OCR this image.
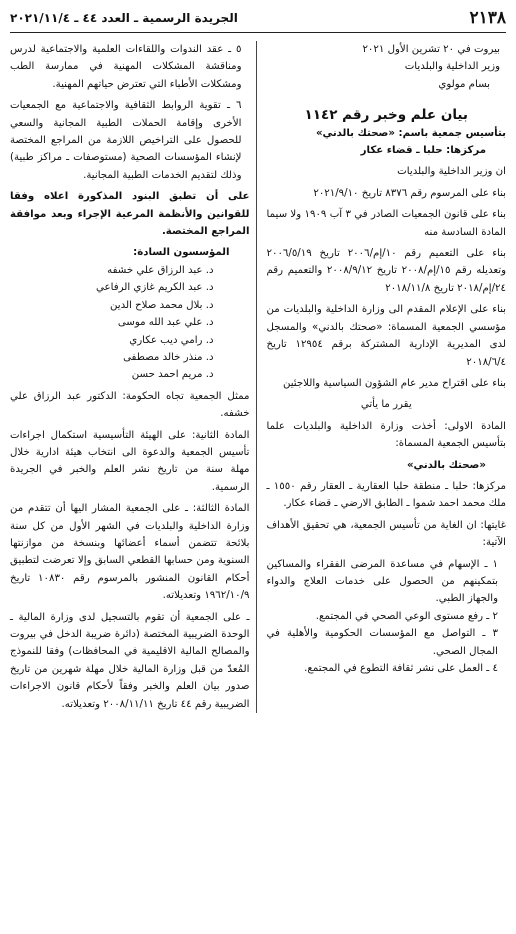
٢١٣٨
الجريدة الرسمية ـ العدد ٤٤ ـ ٢٠٢١/١١/٤

بيروت في ٢٠ تشرين الأول ٢٠٢١

وزير الداخلية والبلديات

بسام مولوي

بيان علم وخبر رقم ١١٤٢

بتأسيس جمعية باسم: «صحتك بالدني»

مركزها: حلبا ـ قضاء عكار

ان وزير الداخلية والبلديات

بناء على المرسوم رقم ٨٣٧٦ تاريخ ٢٠٢١/٩/١٠

بناء على قانون الجمعيات الصادر في ٣ آب ١٩٠٩ ولا سيما المادة السادسة منه

بناء على التعميم رقم ١٠/إم/٢٠٠٦ تاريخ ٢٠٠٦/٥/١٩ وتعديله رقم ١٥/إم/٢٠٠٨ تاريخ ٢٠٠٨/٩/١٢ والتعميم رقم ٢٤/إم/٢٠١٨ تاريخ ٢٠١٨/١١/٨

بناء على الإعلام المقدم الى وزارة الداخلية والبلديات من مؤسسي الجمعية المسماة: «صحتك بالدني» والمسجل لدى المديرية الإدارية المشتركة برقم ١٢٩٥٤ تاريخ ٢٠١٨/٦/٤

بناء على اقتراح مدير عام الشؤون السياسية واللاجئين

يقرر ما يأتي

المادة الاولى: أخذت وزارة الداخلية والبلديات علما بتأسيس الجمعية المسماة:

«صحتك بالدني»

مركزها: حلبا ـ منطقة حلبا العقارية ـ العقار رقم ١٥٥٠ ـ ملك محمد احمد شموا ـ الطابق الارضي ـ قضاء عكار.

غايتها: ان الغاية من تأسيس الجمعية، هي تحقيق الأهداف الآتية:

١ ـ الإسهام في مساعدة المرضى الفقراء والمساكين بتمكينهم من الحصول على خدمات العلاج والدواء والجهاز الطبي.

٢ ـ رفع مستوى الوعي الصحي في المجتمع.

٣ ـ التواصل مع المؤسسات الحكومية والأهلية في المجال الصحي.

٤ ـ العمل على نشر ثقافة التطوع في المجتمع.

٥ ـ عقد الندوات واللقاءات العلمية والاجتماعية لدرس ومناقشة المشكلات المهنية في ممارسة الطب ومشكلات الأطباء التي تعترض حياتهم المهنية.

٦ ـ تقوية الروابط الثقافية والاجتماعية مع الجمعيات الأخرى وإقامة الحملات الطبية المجانية والسعي للحصول على التراخيص اللازمة من المراجع المختصة لإنشاء المؤسسات الصحية (مستوصفات ـ مراكز طبية) وذلك لتقديم الخدمات الطبية المجانية.

على أن تطبق البنود المذكورة اعلاه وفقا للقوانين والأنظمة المرعية الإجراء وبعد موافقة المراجع المختصة.

المؤسسون السادة:

د. عبد الرزاق علي خشفه

د. عبد الكريم غازي الرفاعي

د. بلال محمد صلاح الدين

د. علي عبد الله موسى

د. رامي ديب عكاري

د. منذر خالد مصطفى

د. مريم احمد حسن

ممثل الجمعية تجاه الحكومة: الدكتور عبد الرزاق علي خشفه.

المادة الثانية: على الهيئة التأسيسية استكمال اجراءات تأسيس الجمعية والدعوة الى انتخاب هيئة ادارية خلال مهلة سنة من تاريخ نشر العلم والخبر في الجريدة الرسمية.

المادة الثالثة: ـ على الجمعية المشار اليها أن تتقدم من وزارة الداخلية والبلديات في الشهر الأول من كل سنة بلائحة تتضمن أسماء أعضائها وبنسخة من موازنتها السنوية ومن حسابها القطعي السابق وإلا تعرضت لتطبيق أحكام القانون المنشور بالمرسوم رقم ١٠٨٣٠ تاريخ ١٩٦٢/١٠/٩ وتعديلاته.

ـ على الجمعية أن تقوم بالتسجيل لدى وزارة المالية ـ الوحدة الضريبية المختصة (دائرة ضريبة الدخل في بيروت والمصالح المالية الاقليمية في المحافظات) وفقا للنموذج المُعدّ من قبل وزارة المالية خلال مهلة شهرين من تاريخ صدور بيان العلم والخبر وفقاً لأحكام قانون الاجراءات الضريبية رقم ٤٤ تاريخ ٢٠٠٨/١١/١١ وتعديلاته.
